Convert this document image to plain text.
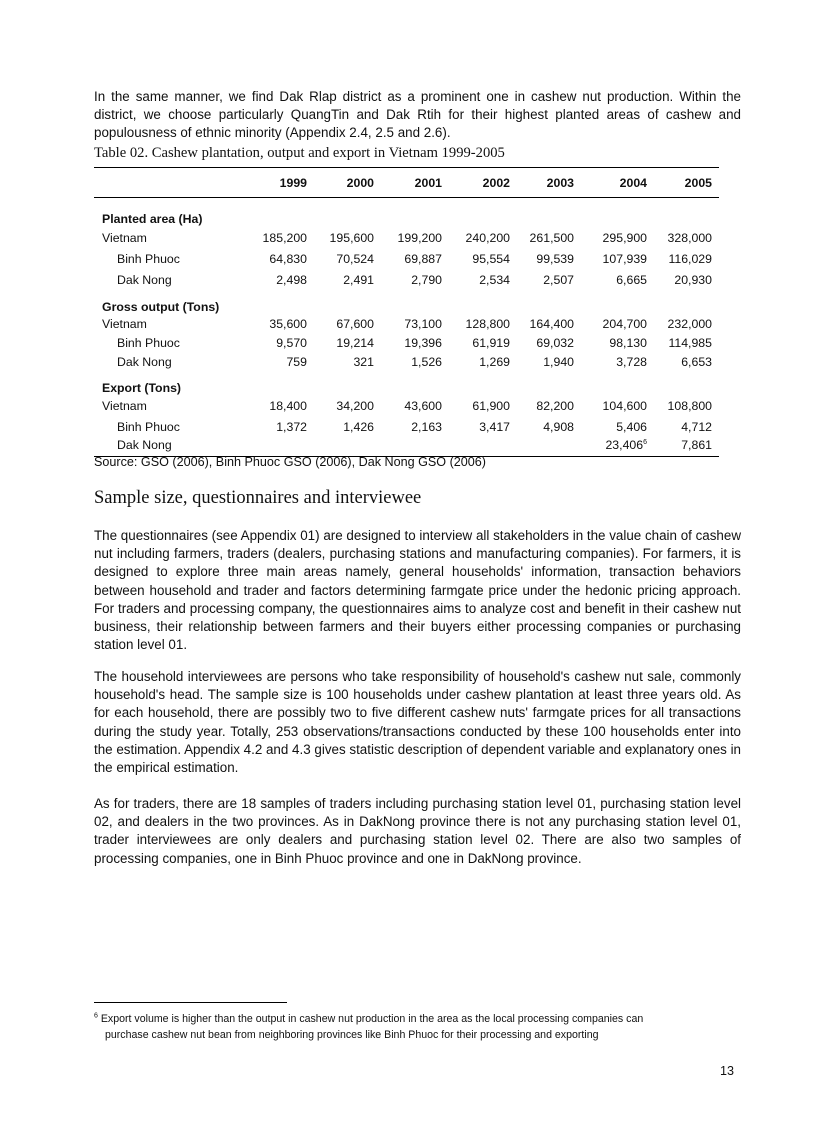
In the same manner, we find Dak Rlap district as a prominent one in cashew nut production. Within the district, we choose particularly QuangTin and Dak Rtih for their highest planted areas of cashew and populousness of ethnic minority (Appendix 2.4, 2.5 and 2.6).

Table 02. Cashew plantation, output and export in Vietnam 1999-2005

	1999	2000	2001	2002	2003	2004	2005
Planted area (Ha)							
Vietnam	185,200	195,600	199,200	240,200	261,500	295,900	328,000
Binh Phuoc	64,830	70,524	69,887	95,554	99,539	107,939	116,029
Dak Nong	2,498	2,491	2,790	2,534	2,507	6,665	20,930
Gross output (Tons)							
Vietnam	35,600	67,600	73,100	128,800	164,400	204,700	232,000
Binh Phuoc	9,570	19,214	19,396	61,919	69,032	98,130	114,985
Dak Nong	759	321	1,526	1,269	1,940	3,728	6,653
Export (Tons)							
Vietnam	18,400	34,200	43,600	61,900	82,200	104,600	108,800
Binh Phuoc	1,372	1,426	2,163	3,417	4,908	5,406	4,712
Dak Nong						23,406$^6$	7,861

Source: GSO (2006), Binh Phuoc GSO (2006), Dak Nong GSO (2006)

Sample size, questionnaires and interviewee

The questionnaires (see Appendix 01) are designed to interview all stakeholders in the value chain of cashew nut including farmers, traders (dealers, purchasing stations and manufacturing companies). For farmers, it is designed to explore three main areas namely, general households' information, transaction behaviors between household and trader and factors determining farmgate price under the hedonic pricing approach. For traders and processing company, the questionnaires aims to analyze cost and benefit in their cashew nut business, their relationship between farmers and their buyers either processing companies or purchasing station level 01.

The household interviewees are persons who take responsibility of household's cashew nut sale, commonly household's head. The sample size is 100 households under cashew plantation at least three years old. As for each household, there are possibly two to five different cashew nuts' farmgate prices for all transactions during the study year. Totally, 253 observations/transactions conducted by these 100 households enter into the estimation. Appendix 4.2 and 4.3 gives statistic description of dependent variable and explanatory ones in the empirical estimation.

As for traders, there are 18 samples of traders including purchasing station level 01, purchasing station level 02, and dealers in the two provinces. As in DakNong province there is not any purchasing station level 01, trader interviewees are only dealers and purchasing station level 02. There are also two samples of processing companies, one in Binh Phuoc province and one in DakNong province.

$^6$ Export volume is higher than the output in cashew nut production in the area as the local processing companies can
purchase cashew nut bean from neighboring provinces like Binh Phuoc for their processing and exporting

13
